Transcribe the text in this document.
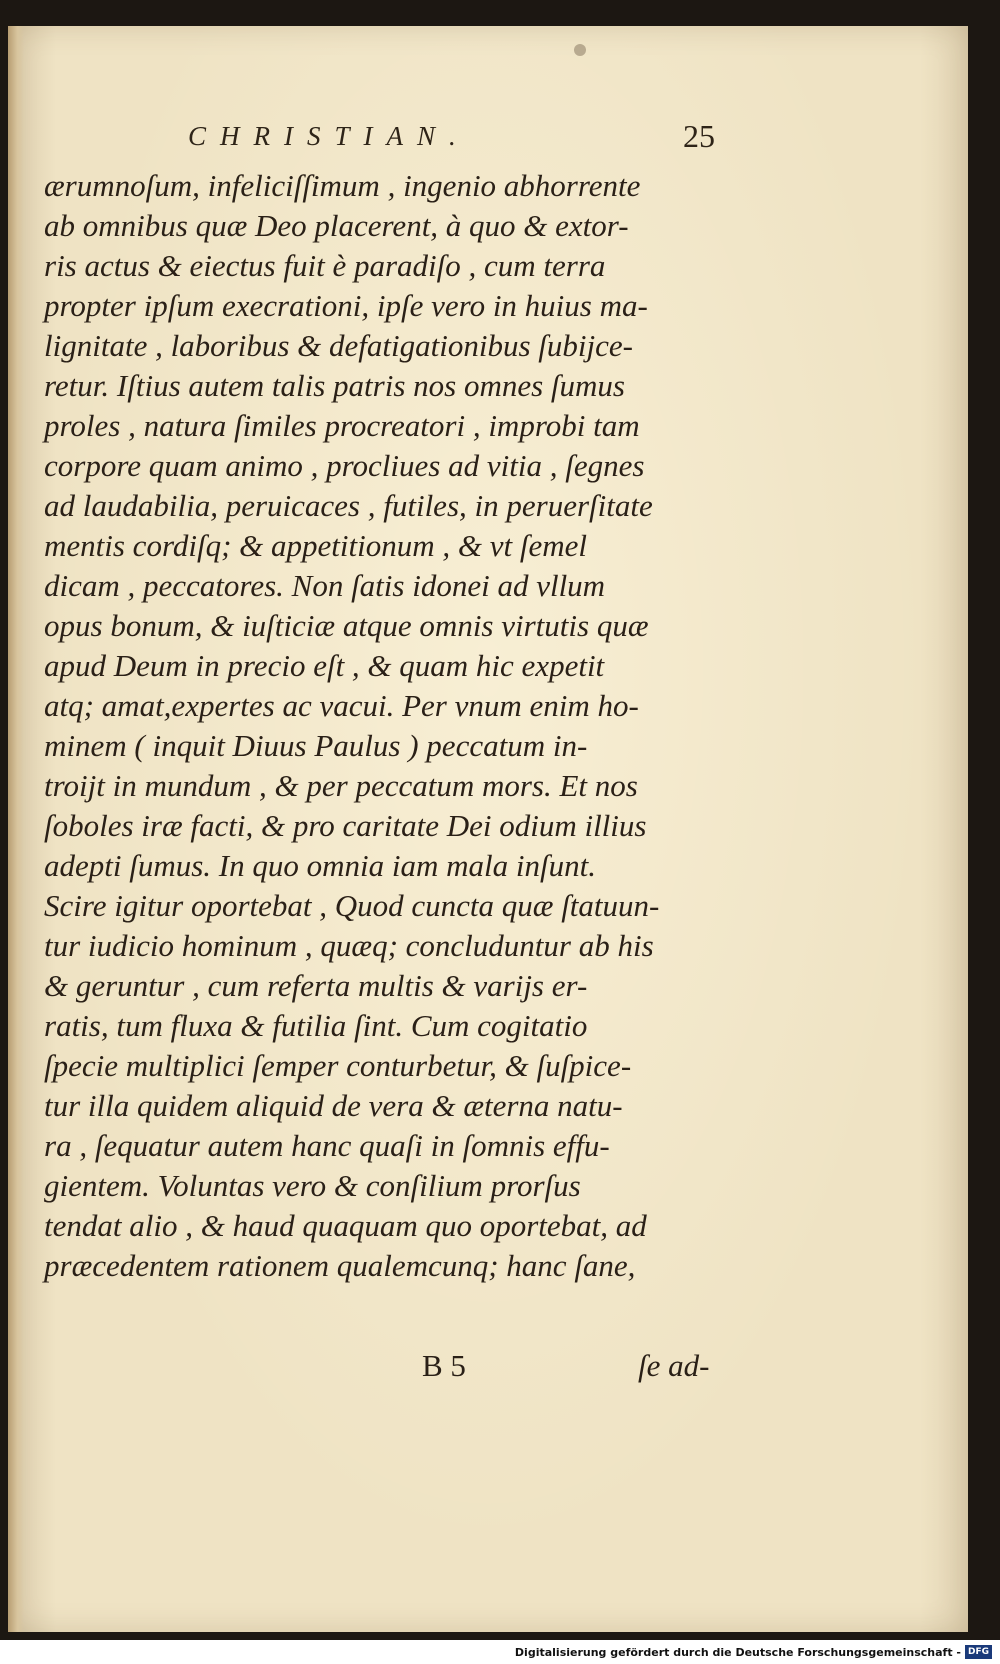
CHRISTIAN.	25
ærumnoſum, infeliciſſimum , ingenio abhorrente
ab omnibus quæ Deo placerent, à quo & extor-
ris actus & eiectus fuit è paradiſo , cum terra
propter ipſum execrationi, ipſe vero in huius ma-
lignitate , laboribus & defatigationibus ſubijce-
retur. Iſtius autem talis patris nos omnes ſumus
proles , natura ſimiles procreatori , improbi tam
corpore quam animo , procliues ad vitia , ſegnes
ad laudabilia, peruicaces , futiles, in peruerſitate
mentis cordiſq; & appetitionum , & vt ſemel
dicam , peccatores. Non ſatis idonei ad vllum
opus bonum, & iuſticiæ atque omnis virtutis quæ
apud Deum in precio eſt , & quam hic expetit
atq; amat,expertes ac vacui. Per vnum enim ho-
minem ( inquit Diuus Paulus ) peccatum in-
troijt in mundum , & per peccatum mors. Et nos
ſoboles iræ facti, & pro caritate Dei odium illius
adepti ſumus. In quo omnia iam mala inſunt.
Scire igitur oportebat , Quod cuncta quæ ſtatuun-
tur iudicio hominum , quæq; concluduntur ab his
& geruntur , cum referta multis & varijs er-
ratis, tum fluxa & futilia ſint. Cum cogitatio
ſpecie multiplici ſemper conturbetur, & ſuſpice-
tur illa quidem aliquid de vera & æterna natu-
ra , ſequatur autem hanc quaſi in ſomnis effu-
gientem. Voluntas vero & conſilium prorſus
tendat alio , & haud quaquam quo oportebat, ad
præcedentem rationem qualemcunq; hanc ſane,
B 5	ſe ad-
Digitalisierung gefördert durch die Deutsche Forschungsgemeinschaft - DFG
